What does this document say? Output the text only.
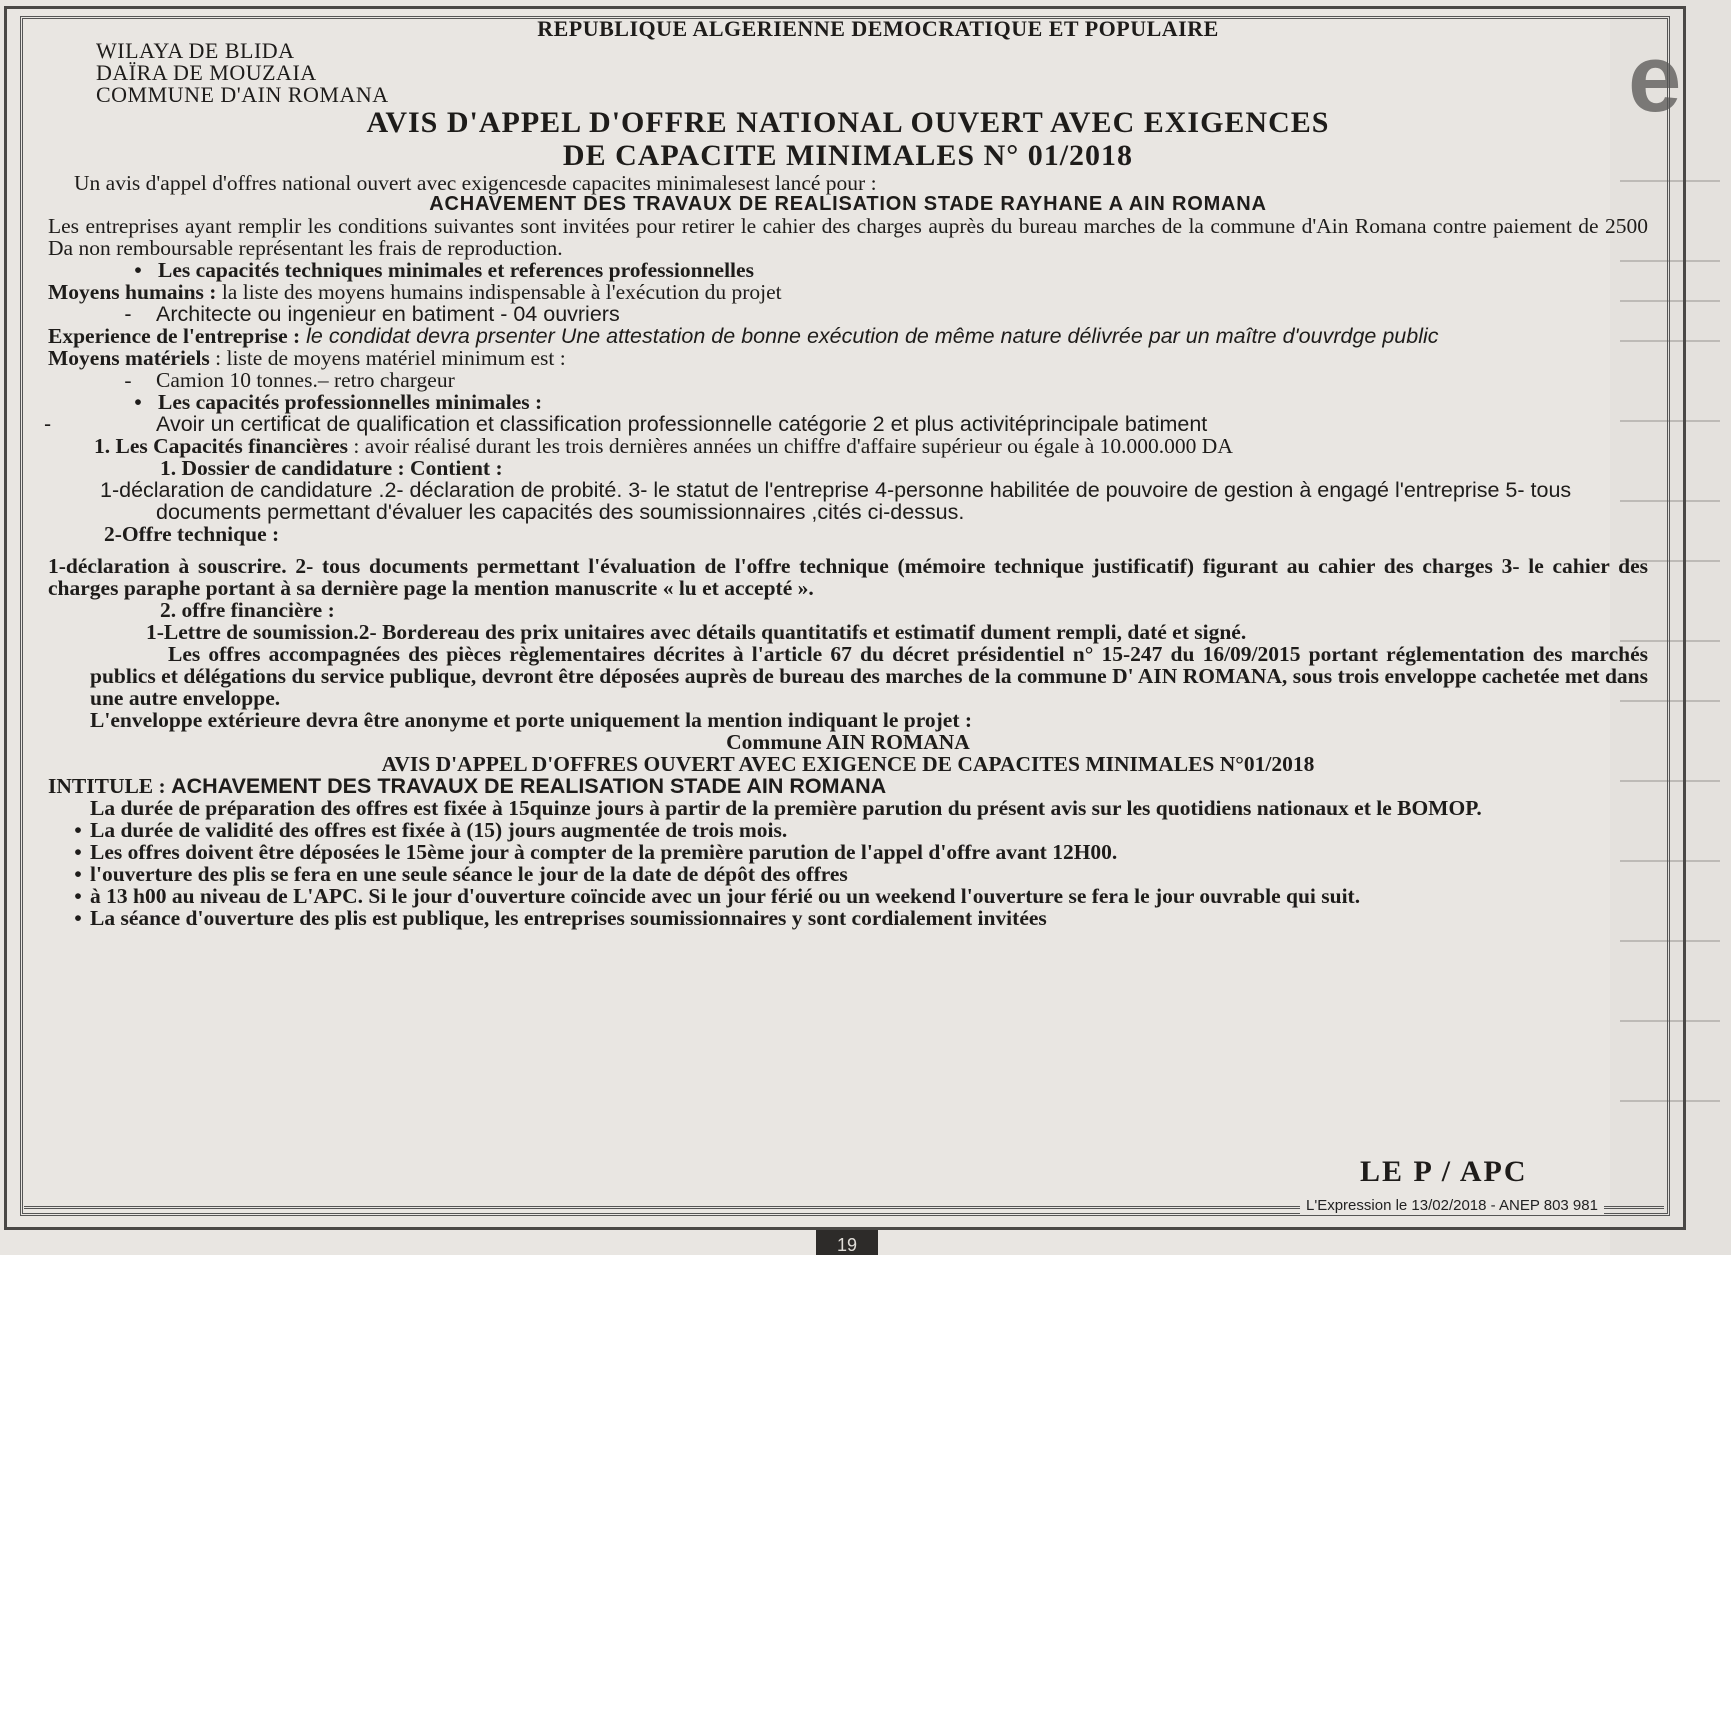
e

REPUBLIQUE ALGERIENNE DEMOCRATIQUE ET POPULAIRE

WILAYA DE BLIDA

DAÏRA DE MOUZAIA

COMMUNE D'AIN ROMANA

AVIS D'APPEL D'OFFRE NATIONAL OUVERT AVEC EXIGENCES

DE CAPACITE MINIMALES N° 01/2018

Un avis d'appel d'offres national ouvert avec exigencesde capacites minimalesest lancé pour :

ACHAVEMENT DES TRAVAUX DE REALISATION STADE RAYHANE A AIN ROMANA

Les entreprises ayant remplir les conditions suivantes sont invitées pour retirer le cahier des charges auprès du bureau marches de la commune d'Ain Romana contre paiement de 2500 Da non remboursable représentant les frais de reproduction.

• Les capacités techniques minimales et references professionnelles

Moyens humains : la liste des moyens humains indispensable à l'exécution du projet

- Architecte ou ingenieur en batiment - 04 ouvriers

Experience de l'entreprise : le condidat devra prsenter Une attestation de bonne exécution de même nature délivrée par un maître d'ouvrdge public

Moyens matériels : liste de moyens matériel minimum est :

- Camion 10 tonnes.– retro chargeur

• Les capacités professionnelles minimales :

-	Avoir un certificat de qualification et classification professionnelle catégorie 2 et plus activitéprincipale batiment

1. Les Capacités financières : avoir réalisé durant les trois dernières années un chiffre d'affaire supérieur ou égale à 10.000.000 DA

1. Dossier de candidature : Contient :

1-déclaration de candidature .2- déclaration de probité. 3- le statut de l'entreprise 4-personne habilitée de pouvoire de gestion à engagé l'entreprise 5- tous documents permettant d'évaluer les capacités des soumissionnaires ,cités ci-dessus.

2-Offre technique :

1-déclaration à souscrire. 2- tous documents permettant l'évaluation de l'offre technique (mémoire technique justificatif) figurant au cahier des charges 3- le cahier des charges paraphe portant à sa dernière page la mention manuscrite « lu et accepté ».

2. offre financière :

1-Lettre de soumission.2- Bordereau des prix unitaires avec détails quantitatifs et estimatif dument rempli, daté et signé.

Les offres accompagnées des pièces règlementaires décrites à l'article 67 du décret présidentiel n° 15-247 du 16/09/2015 portant réglementation des marchés publics et délégations du service publique, devront être déposées auprès de bureau des marches de la commune D' AIN ROMANA, sous trois enveloppe cachetée met dans une autre enveloppe.

L'enveloppe extérieure devra être anonyme et porte uniquement la mention indiquant le projet :

Commune AIN ROMANA

AVIS D'APPEL D'OFFRES OUVERT AVEC EXIGENCE DE CAPACITES MINIMALES N°01/2018

INTITULE : ACHAVEMENT DES TRAVAUX DE REALISATION STADE AIN ROMANA

La durée de préparation des offres est fixée à 15quinze jours à partir de la première parution du présent avis sur les quotidiens nationaux et le BOMOP.

• La durée de validité des offres est fixée à (15) jours augmentée de trois mois.

• Les offres doivent être déposées le 15ème jour à compter de la première parution de l'appel d'offre avant 12H00.

• l'ouverture des plis se fera en une seule séance le jour de la date de dépôt des offres

• à 13 h00 au niveau de L'APC. Si le jour d'ouverture coïncide avec un jour férié ou un weekend l'ouverture se fera le jour ouvrable qui suit.

• La séance d'ouverture des plis est publique, les entreprises soumissionnaires y sont cordialement invitées

LE P / APC
L'Expression le 13/02/2018 - ANEP 803 981
19
